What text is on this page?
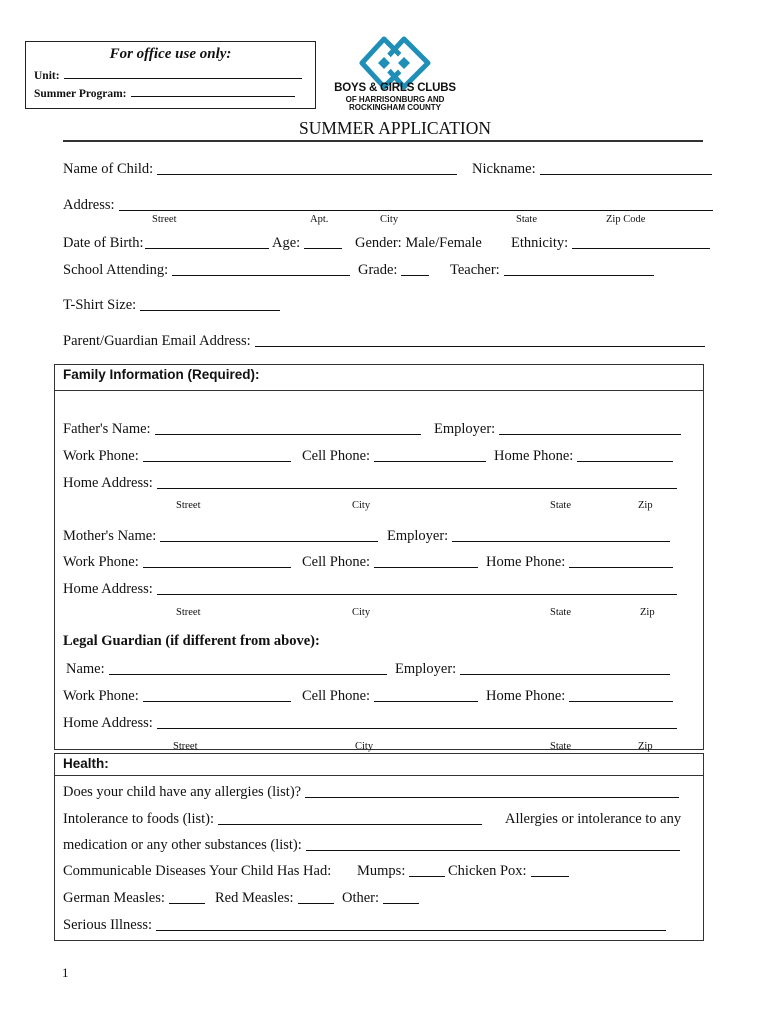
For office use only:
Unit:
Summer Program:	BOYS & GIRLS CLUBS
OF HARRISONBURG AND
ROCKINGHAM COUNTY
SUMMER APPLICATION
Name of Child:	Nickname:
Address:
Street	Apt.	City	State	Zip Code
Date of Birth:	Age:	Gender: Male/Female Ethnicity:
School Attending:	Grade:	Teacher:
T-Shirt Size:
Parent/Guardian Email Address:
Family Information (Required):
Father's Name:	Employer:
Work Phone:	Cell Phone:	Home Phone:
Home Address:
Street	City	State	Zip
Mother's Name:	Employer:
Work Phone:	Cell Phone:	Home Phone:
Home Address:
Street	City	State	Zip
Legal Guardian (if different from above):
Name:	Employer:
Work Phone:	Cell Phone:	Home Phone:
Home Address:
Street	City	State	Zip
Health:
Does your child have any allergies (list)?
Intolerance to foods (list):	Allergies or intolerance to any
medication or any other substances (list):
Communicable Diseases Your Child Has Had: Mumps:	Chicken Pox:
German Measles:	Red Measles:	Other:
Serious Illness:
1
